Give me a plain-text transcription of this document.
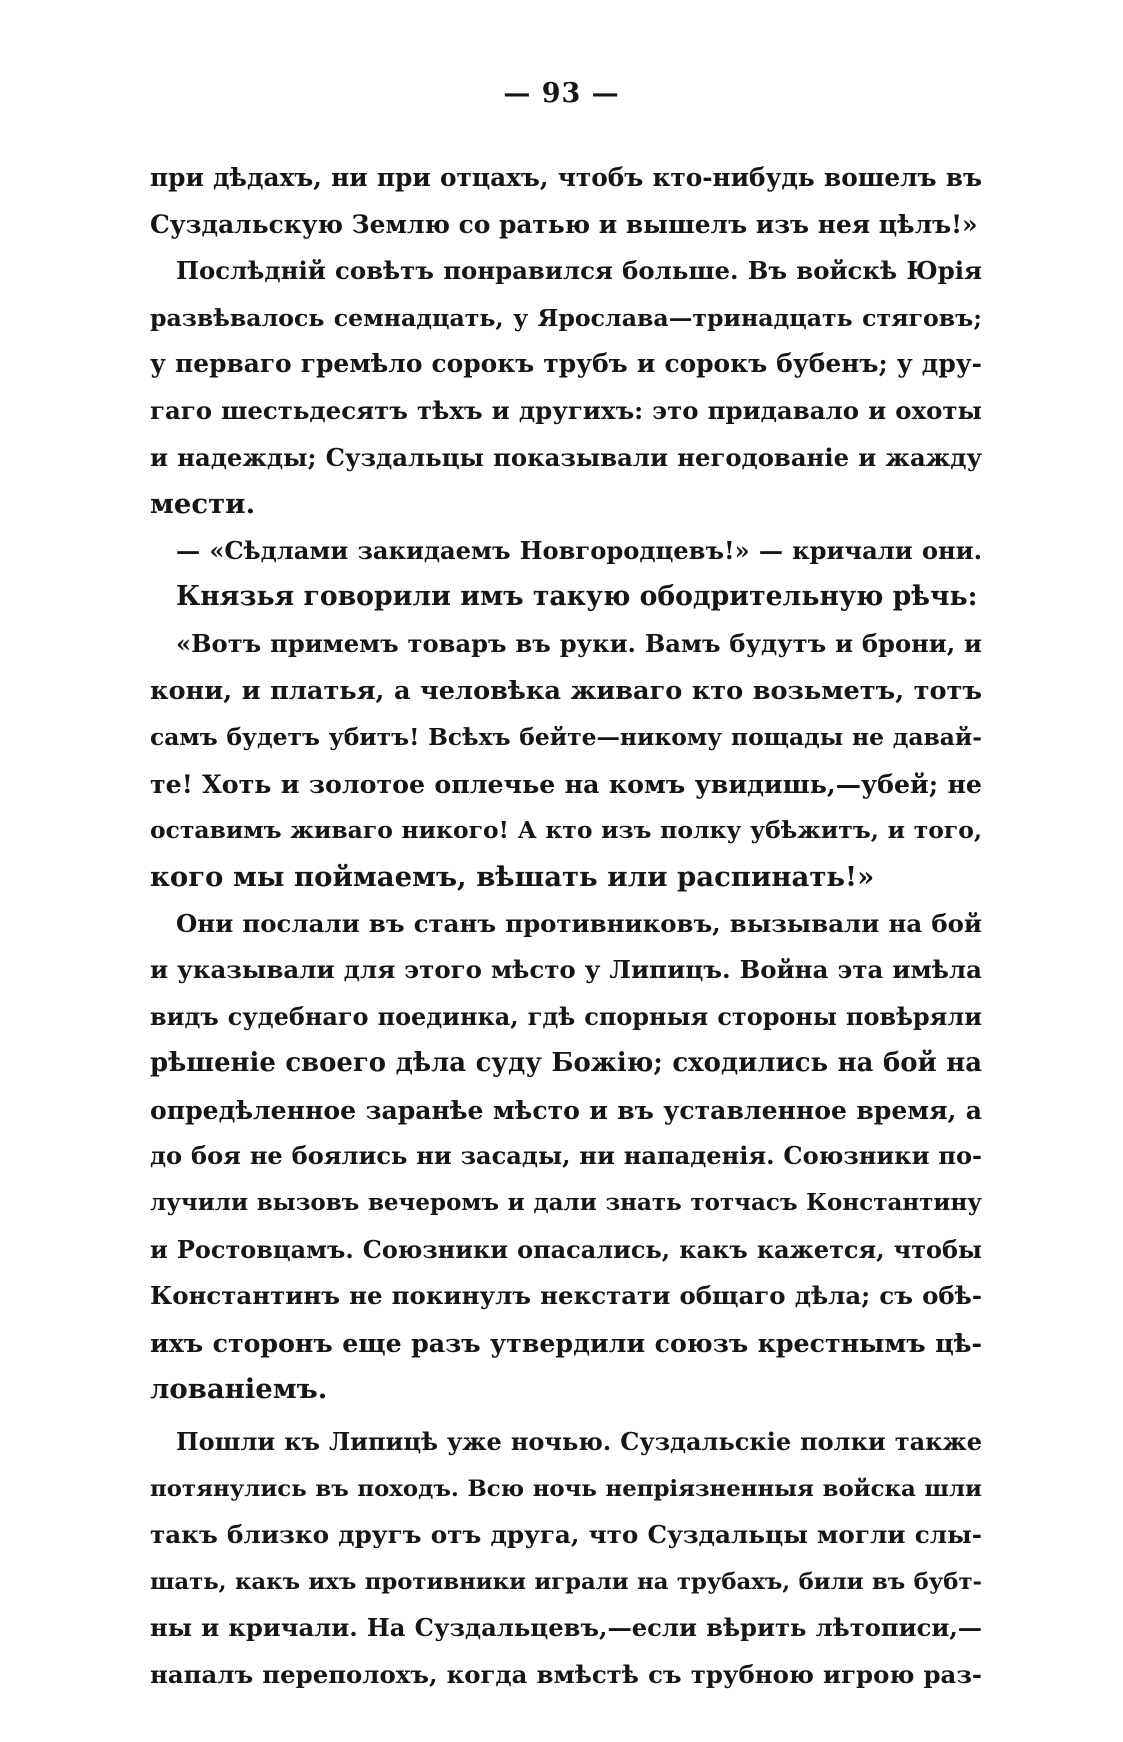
— 93 —
при дѣдахъ, ни при отцахъ, чтобъ кто-нибудь вошелъ въ
Суздальскую Землю со ратью и вышелъ изъ нея цѣлъ!»
Послѣдній совѣтъ понравился больше. Въ войскѣ Юрія
развѣвалось семнадцать, у Ярослава—тринадцать стяговъ;
у перваго гремѣло сорокъ трубъ и сорокъ бубенъ; у дру-
гаго шестьдесятъ тѣхъ и другихъ: это придавало и охоты
и надежды; Суздальцы показывали негодованіе и жажду
мести.
— «Сѣдлами закидаемъ Новгородцевъ!» — кричали они.
Князья говорили имъ такую ободрительную рѣчь:
«Вотъ примемъ товаръ въ руки. Вамъ будутъ и брони, и
кони, и платья, а человѣка живаго кто возьметъ, тотъ
самъ будетъ убитъ! Всѣхъ бейте—никому пощады не давай-
те! Хоть и золотое оплечье на комъ увидишь,—убей; не
оставимъ живаго никого! А кто изъ полку убѣжитъ, и того,
кого мы поймаемъ, вѣшать или распинать!»
Они послали въ станъ противниковъ, вызывали на бой
и указывали для этого мѣсто у Липицъ. Война эта имѣла
видъ судебнаго поединка, гдѣ спорныя стороны повѣряли
рѣшеніе своего дѣла суду Божію; сходились на бой на
опредѣленное заранѣе мѣсто и въ уставленное время, а
до боя не боялись ни засады, ни нападенія. Союзники по-
лучили вызовъ вечеромъ и дали знать тотчасъ Константину
и Ростовцамъ. Союзники опасались, какъ кажется, чтобы
Константинъ не покинулъ некстати общаго дѣла; съ обѣ-
ихъ сторонъ еще разъ утвердили союзъ крестнымъ цѣ-
лованіемъ.
Пошли къ Липицѣ уже ночью. Суздальскіе полки также
потянулись въ походъ. Всю ночь непріязненныя войска шли
такъ близко другъ отъ друга, что Суздальцы могли слы-
шать, какъ ихъ противники играли на трубахъ, били въ бубт-
ны и кричали. На Суздальцевъ,—если вѣрить лѣтописи,—
напалъ переполохъ, когда вмѣстѣ съ трубною игрою раз-
